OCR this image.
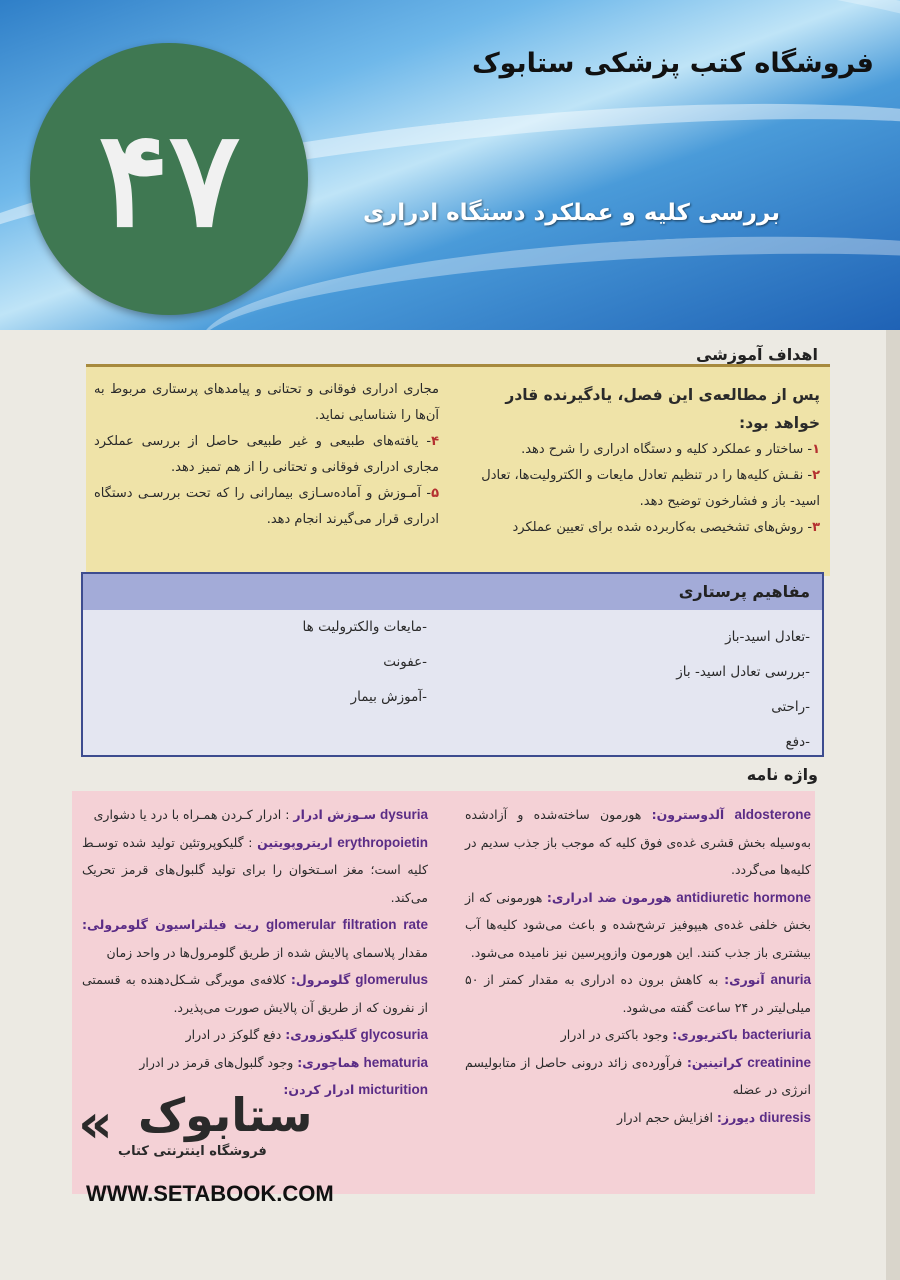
فروشگاه کتب پزشکی ستابوک
۴۷	بررسی کلیه و عملکرد دستگاه ادراری
اهداف آموزشی
پس از مطالعه‌ی این فصل، یادگیرنده قادر خواهد بود:
۱- ساختار و عملکرد کلیه و دستگاه ادراری را شرح دهد.
۲- نقـش کلیه‌ها را در تنظیم تعادل مایعات و الکترولیت‌ها، تعادل اسید- باز و فشارخون توضیح دهد.
۳- روش‌های تشخیصی به‌کاربرده شده برای تعیین عملکرد
مجاری ادراری فوقانی و تحتانی و پیامدهای پرستاری مربوط به آن‌ها را شناسایی نماید.
۴- یافته‌های طبیعی و غیر طبیعی حاصل از بررسی عملکرد مجاری ادراری فوقانی و تحتانی را از هم تمیز دهد.
۵- آمـوزش و آماده‌سـازی بیمارانی را که تحت بررسـی دستگاه ادراری قرار می‌گیرند انجام دهد.
مفاهیم پرستاری
-تعادل اسید-باز
-بررسی تعادل اسید- باز
-راحتی
-دفع
-مایعات والکترولیت ها
-عفونت
-آموزش بیمار
واژه نامه
aldosterone آلدوسترون: هورمون ساخته‌شده و آزادشده به‌وسیله بخش قشری غده‌ی فوق کلیه که موجب باز جذب سدیم در کلیه‌ها می‌گردد.
antidiuretic hormone هورمون ضد ادراری: هورمونی که از بخش خلفی غده‌ی هیپوفیز ترشح‌شده و باعث می‌شود کلیه‌ها آب بیشتری باز جذب کنند. این هورمون وازوپرسین نیز نامیده می‌شود.
anuria آنوری: به کاهش برون ده ادراری به مقدار کمتر از ۵۰ میلی‌لیتر در ۲۴ ساعت گفته می‌شود.
bacteriuria باکتریوری: وجود باکتری در ادرار
creatinine کراتینین: فرآورده‌ی زائد درونی حاصل از متابولیسم انرژی در عضله
diuresis دیورز: افزایش حجم ادرار
dysuria سـوزش ادرار : ادرار کـردن همـراه با درد یا دشواری
erythropoietin اریتروپویتین : گلیکوپروتئین تولید شده توسـط کلیه است؛ مغز اسـتخوان را برای تولید گلبول‌های قرمز تحریک می‌کند.
glomerular filtration rate ریت فیلتراسیون گلومرولی: مقدار پلاسمای پالایش شده از طریق گلومرول‌ها در واحد زمان
glomerulus گلومرول: کلافه‌ی مویرگی شـکل‌دهنده به قسمتی از نفرون که از طریق آن پالایش صورت می‌پذیرد.
glycosuria گلیکوزوری: دفع گلوکز در ادرار
hematuria هماچوری: وجود گلبول‌های قرمز در ادرار
micturition ادرار کردن:
« ستابوک
فروشگاه اینترنتی کتاب
WWW.SETABOOK.COM
